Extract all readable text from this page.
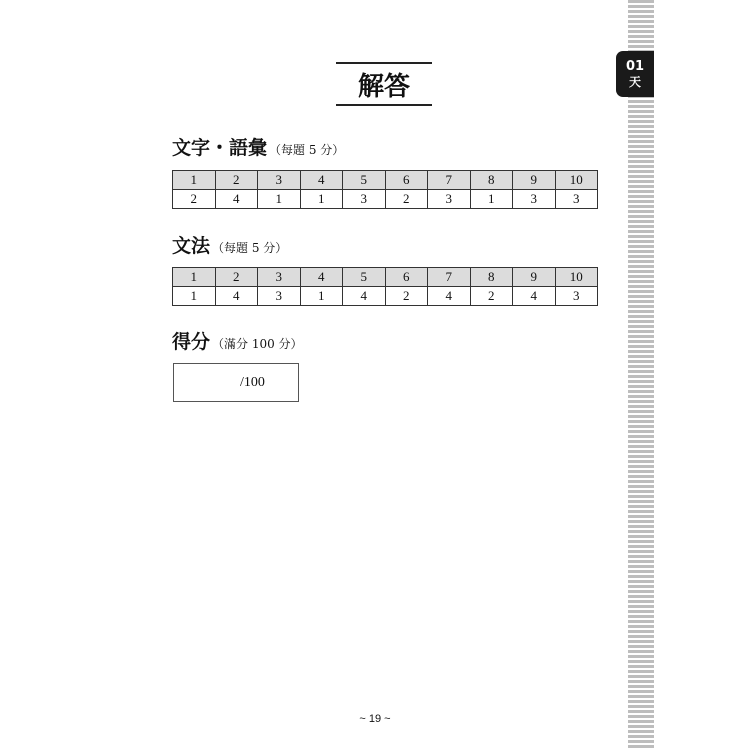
解答
文字・語彙 （每題 5 分）
1	2	3	4	5	6	7	8	9	10
2	4	1	1	3	2	3	1	3	3
文法 （每題 5 分）
1	2	3	4	5	6	7	8	9	10
1	4	3	1	4	2	4	2	4	3
得分 （滿分 100 分）
/100
~ 19 ~
01
天
